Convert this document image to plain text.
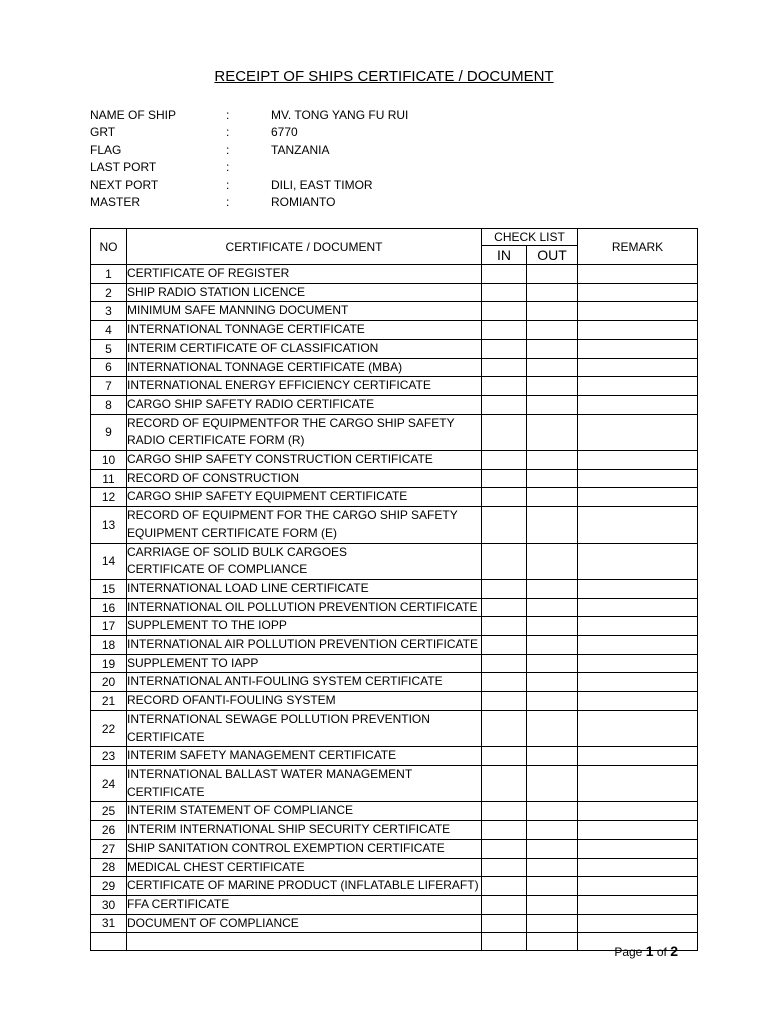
RECEIPT OF SHIPS CERTIFICATE / DOCUMENT
NAME OF SHIP	:	MV. TONG YANG FU RUI
GRT	:	6770
FLAG	:	TANZANIA
LAST PORT	:
NEXT PORT	:	DILI, EAST TIMOR
MASTER	:	ROMIANTO
NO	CERTIFICATE / DOCUMENT	CHECK LIST		REMARK
		IN	OUT	
1	CERTIFICATE OF REGISTER			

2	SHIP RADIO STATION LICENCE			

3	MINIMUM SAFE MANNING DOCUMENT			

4	INTERNATIONAL TONNAGE CERTIFICATE			

5	INTERIM CERTIFICATE OF CLASSIFICATION			

6	INTERNATIONAL TONNAGE CERTIFICATE (MBA)			

7	INTERNATIONAL ENERGY EFFICIENCY CERTIFICATE			

8	CARGO SHIP SAFETY RADIO CERTIFICATE			

9	RECORD OF EQUIPMENTFOR THE CARGO SHIP SAFETY
RADIO CERTIFICATE FORM (R)			

10	CARGO SHIP SAFETY CONSTRUCTION CERTIFICATE			

11	RECORD OF CONSTRUCTION			

12	CARGO SHIP SAFETY EQUIPMENT CERTIFICATE			

13	RECORD OF EQUIPMENT FOR THE CARGO SHIP SAFETY
EQUIPMENT CERTIFICATE FORM (E)			

14	CARRIAGE OF SOLID BULK CARGOES
CERTIFICATE OF COMPLIANCE			

15	INTERNATIONAL LOAD LINE CERTIFICATE			

16	INTERNATIONAL OIL POLLUTION PREVENTION CERTIFICATE			

17	SUPPLEMENT TO THE IOPP			

18	INTERNATIONAL AIR POLLUTION PREVENTION CERTIFICATE			

19	SUPPLEMENT TO IAPP			

20	INTERNATIONAL ANTI-FOULING SYSTEM CERTIFICATE			

21	RECORD OFANTI-FOULING SYSTEM			

22	INTERNATIONAL SEWAGE POLLUTION PREVENTION
CERTIFICATE			

23	INTERIM SAFETY MANAGEMENT CERTIFICATE			

24	INTERNATIONAL BALLAST WATER MANAGEMENT
CERTIFICATE			

25	INTERIM STATEMENT OF COMPLIANCE			

26	INTERIM INTERNATIONAL SHIP SECURITY CERTIFICATE			

27	SHIP SANITATION CONTROL EXEMPTION CERTIFICATE			

28	MEDICAL CHEST CERTIFICATE			

29	CERTIFICATE OF MARINE PRODUCT (INFLATABLE LIFERAFT)			

30	FFA CERTIFICATE			

31	DOCUMENT OF COMPLIANCE			

Page 1 of 2
